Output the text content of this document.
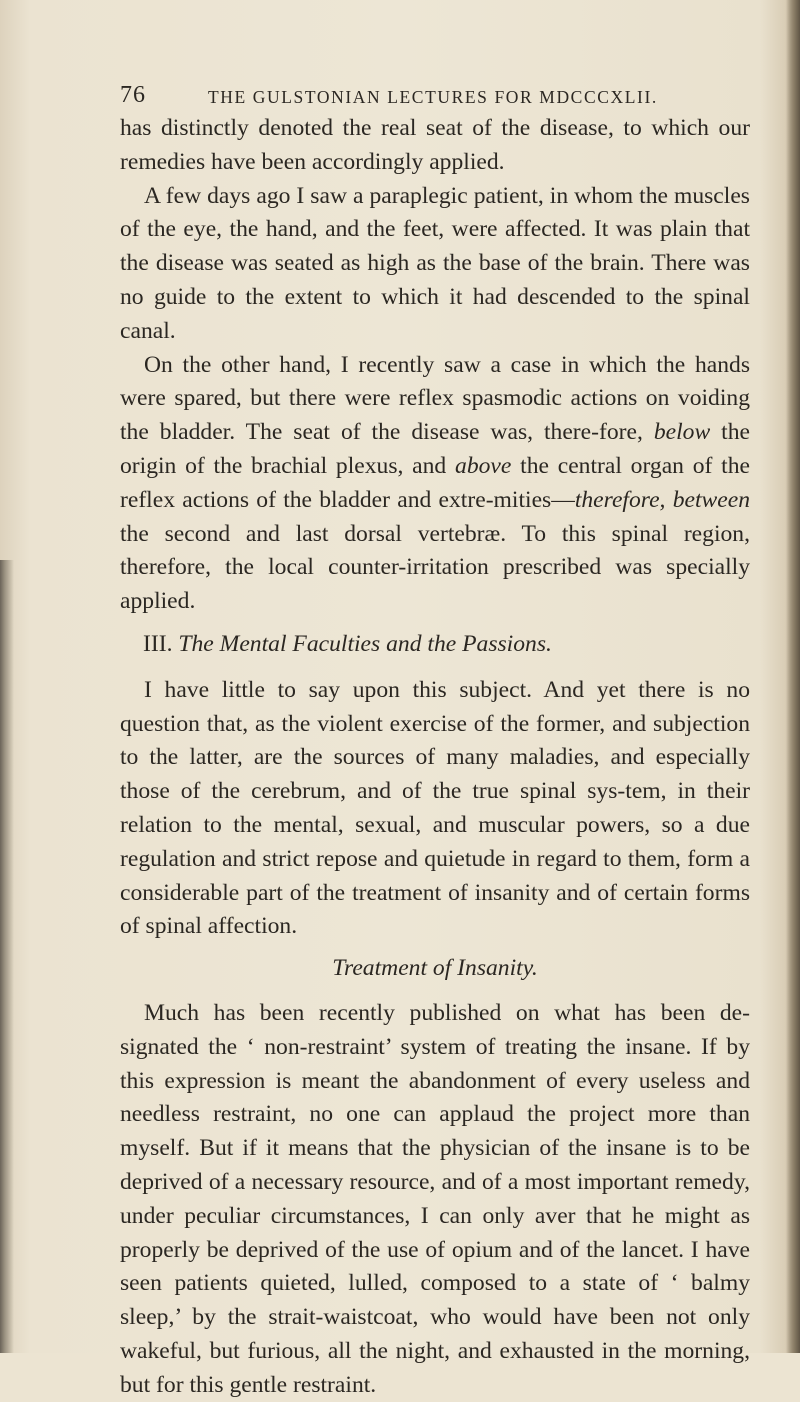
76	THE GULSTONIAN LECTURES FOR MDCCCXLII.

has distinctly denoted the real seat of the disease, to which our remedies have been accordingly applied.

A few days ago I saw a paraplegic patient, in whom the muscles of the eye, the hand, and the feet, were affected. It was plain that the disease was seated as high as the base of the brain. There was no guide to the extent to which it had descended to the spinal canal.

On the other hand, I recently saw a case in which the hands were spared, but there were reflex spasmodic actions on voiding the bladder. The seat of the disease was, there-fore, below the origin of the brachial plexus, and above the central organ of the reflex actions of the bladder and extre-mities—therefore, between the second and last dorsal vertebræ. To this spinal region, therefore, the local counter-irritation prescribed was specially applied.

III. The Mental Faculties and the Passions.

I have little to say upon this subject. And yet there is no question that, as the violent exercise of the former, and subjection to the latter, are the sources of many maladies, and especially those of the cerebrum, and of the true spinal sys-tem, in their relation to the mental, sexual, and muscular powers, so a due regulation and strict repose and quietude in regard to them, form a considerable part of the treatment of insanity and of certain forms of spinal affection.

Treatment of Insanity.

Much has been recently published on what has been de-signated the ‘ non-restraint’ system of treating the insane. If by this expression is meant the abandonment of every useless and needless restraint, no one can applaud the project more than myself. But if it means that the physician of the insane is to be deprived of a necessary resource, and of a most important remedy, under peculiar circumstances, I can only aver that he might as properly be deprived of the use of opium and of the lancet. I have seen patients quieted, lulled, composed to a state of ‘ balmy sleep,’ by the strait-waistcoat, who would have been not only wakeful, but furious, all the night, and exhausted in the morning, but for this gentle restraint.
